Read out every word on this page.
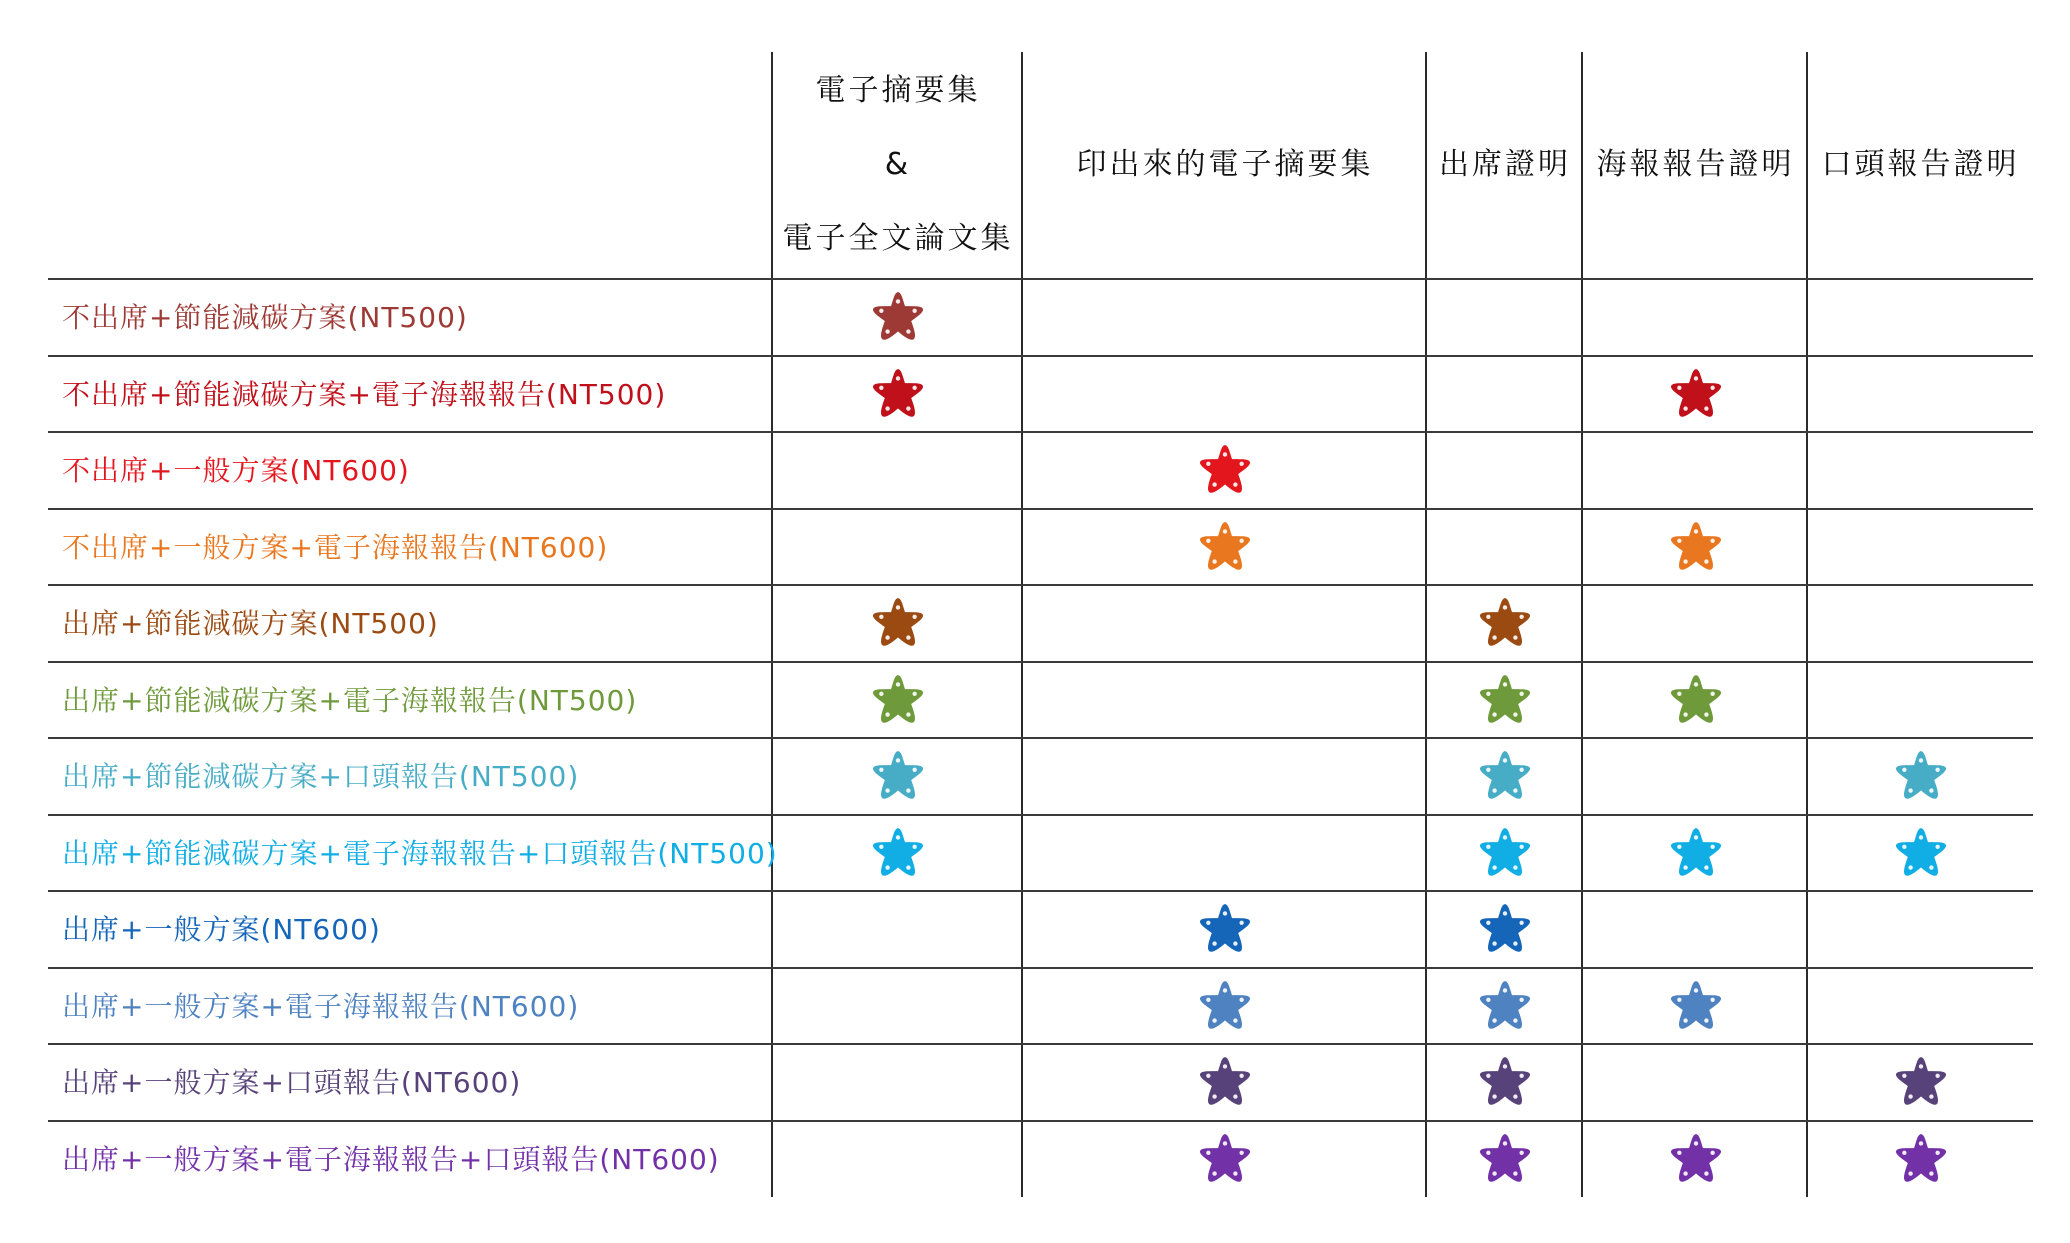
電子摘要集
&
電子全文論文集
印出來的電子摘要集 出席證明 海報報告證明 口頭報告證明
不出席+節能減碳方案(NT500)
不出席+節能減碳方案+電子海報報告(NT500)
不出席+一般方案(NT600)
不出席+一般方案+電子海報報告(NT600)
出席+節能減碳方案(NT500)
出席+節能減碳方案+電子海報報告(NT500)
出席+節能減碳方案+口頭報告(NT500)
出席+節能減碳方案+電子海報報告+口頭報告(NT500)
出席+一般方案(NT600)
出席+一般方案+電子海報報告(NT600)
出席+一般方案+口頭報告(NT600)
出席+一般方案+電子海報報告+口頭報告(NT600)
